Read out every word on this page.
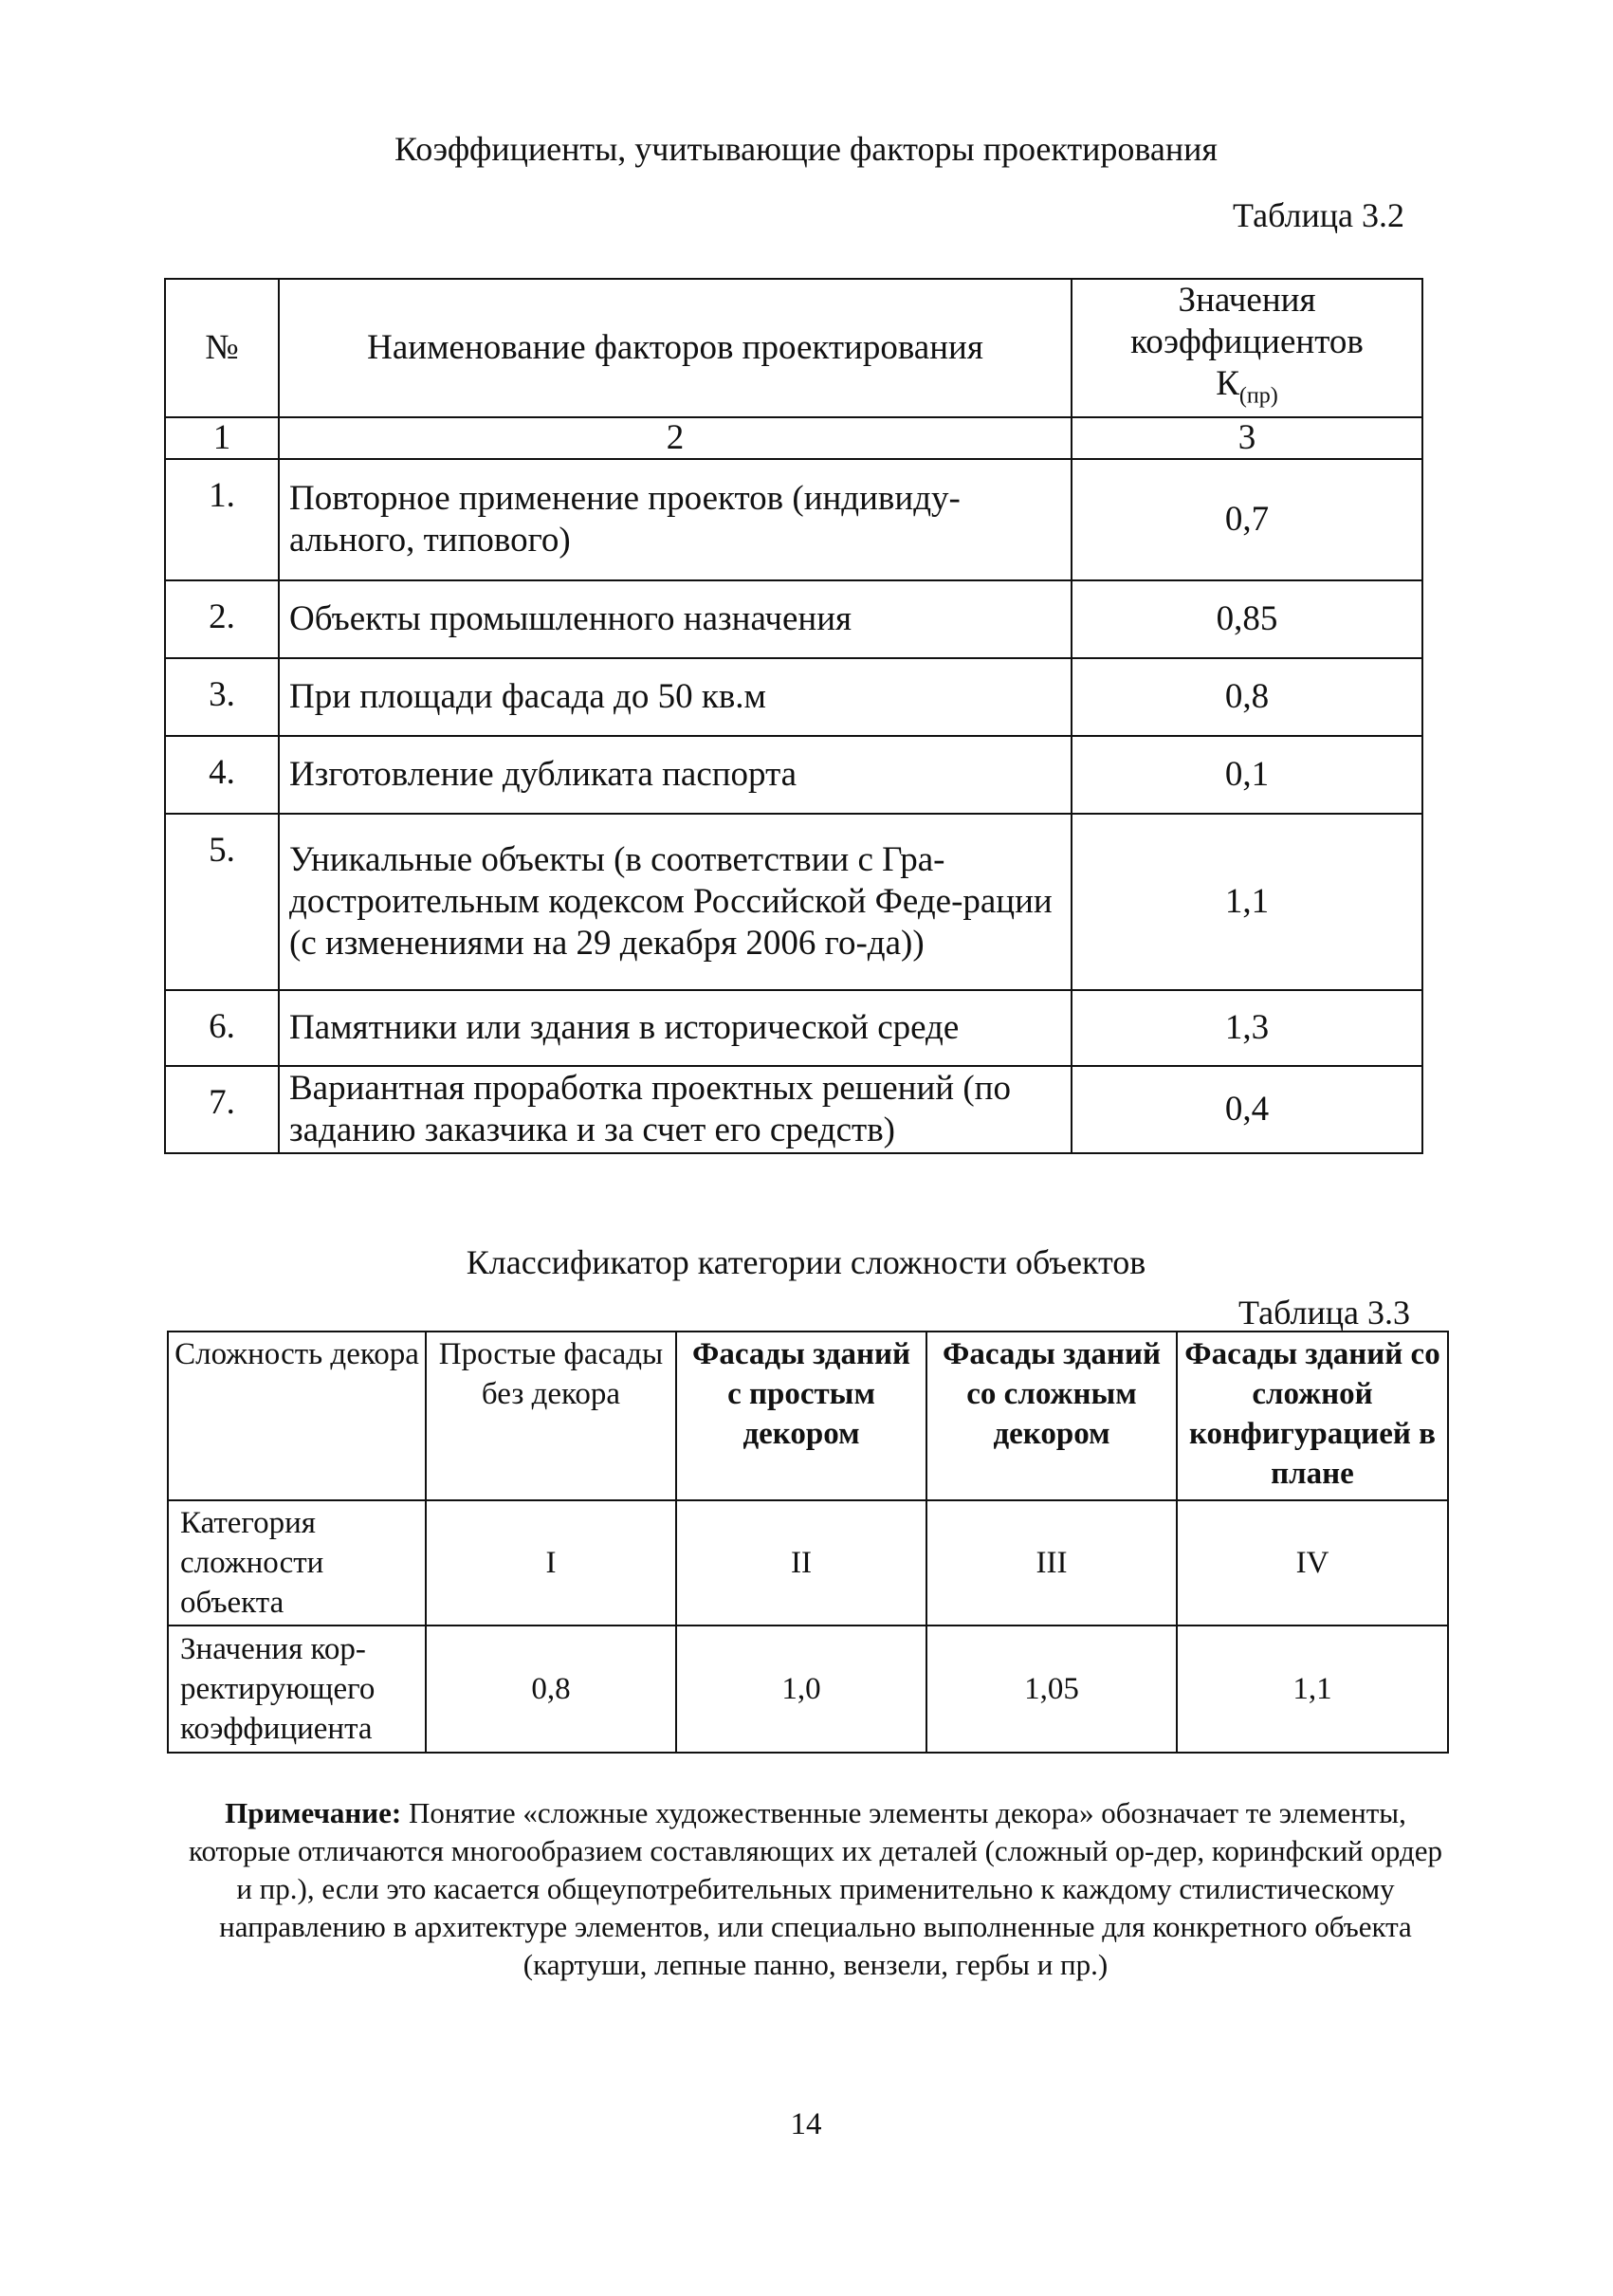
Коэффициенты, учитывающие факторы проектирования
Таблица 3.2
№	Наименование факторов проектирования	Значения
коэффициентов
$К_{(пр)}$

1	2	3
1.	Повторное применение проектов (индивиду-ального, типового)	0,7
2.	Объекты промышленного назначения	0,85
3.	При площади фасада до 50 кв.м	0,8
4.	Изготовление дубликата паспорта	0,1
5.	Уникальные объекты (в соответствии с Гра-достроительным кодексом Российской Феде-рации (с изменениями на 29 декабря 2006 го-да))	1,1
6.	Памятники или здания в исторической среде	1,3
7.	Вариантная проработка проектных решений (по заданию заказчика и за счет его средств)	0,4
Классификатор категории сложности объектов
Таблица 3.3
Сложность декора	Простые фасады без декора	Фасады зданий с простым декором	Фасады зданий со сложным декором	Фасады зданий со сложной конфигурацией в плане
Категория сложности объекта	I	II	III	IV
Значения кор-ректирующего коэффициента	0,8	1,0	1,05	1,1
Примечание: Понятие «сложные художественные элементы декора» обозначает те элементы, которые отличаются многообразием составляющих их деталей (сложный ор-дер, коринфский ордер и пр.), если это касается общеупотребительных применительно к каждому стилистическому направлению в архитектуре элементов, или специально выполненные для конкретного объекта (картуши, лепные панно, вензели, гербы и пр.)
14
